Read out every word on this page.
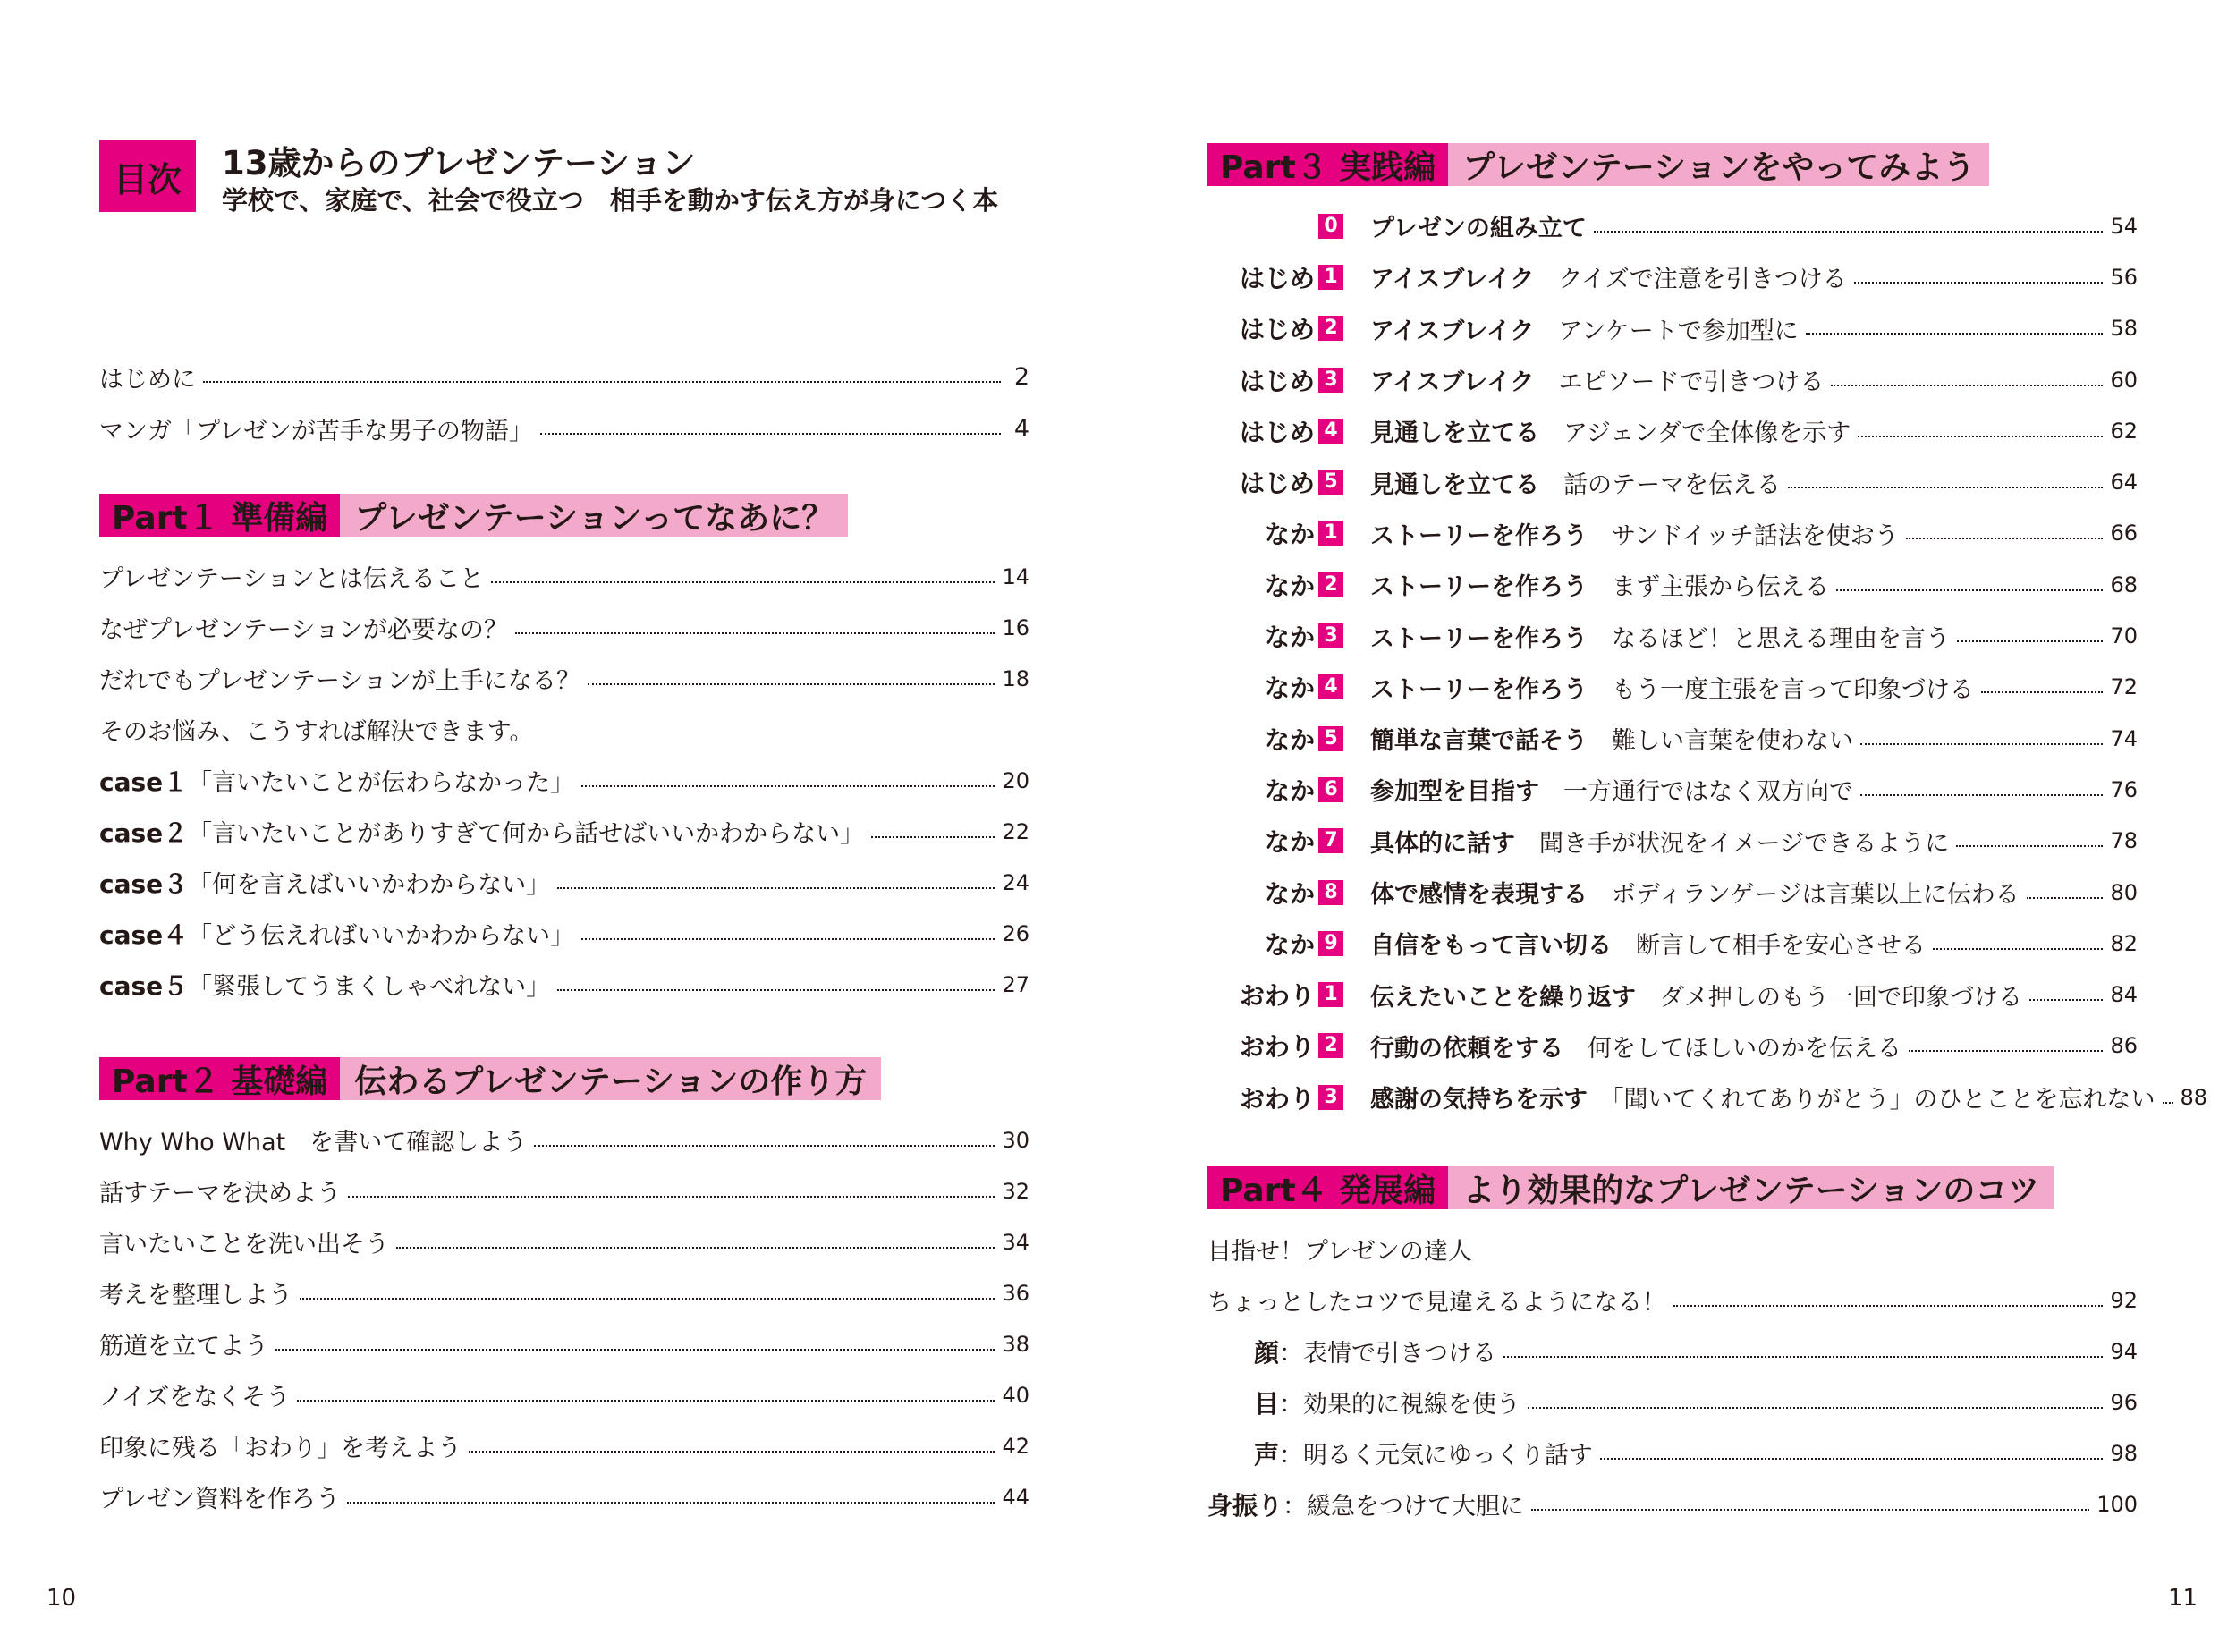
目次	13歳からのプレゼンテーション
学校で、家庭で、社会で役立つ　相手を動かす伝え方が身につく本
はじめに	2
マンガ「プレゼンが苦手な男子の物語」	4
Part１ 準備編 プレゼンテーションってなあに？
プレゼンテーションとは伝えること	14
なぜプレゼンテーションが必要なの？	16
だれでもプレゼンテーションが上手になる？	18
そのお悩み、こうすれば解決できます。
case１「言いたいことが伝わらなかった」	20
case２「言いたいことがありすぎて何から話せばいいかわからない」	22
case３「何を言えばいいかわからない」	24
case４「どう伝えればいいかわからない」	26
case５「緊張してうまくしゃべれない」	27
Part２ 基礎編 伝わるプレゼンテーションの作り方
Why Who What　を書いて確認しよう	30
話すテーマを決めよう	32
言いたいことを洗い出そう	34
考えを整理しよう	36
筋道を立てよう	38
ノイズをなくそう	40
印象に残る「おわり」を考えよう	42
プレゼン資料を作ろう	44
10
Part３ 実践編 プレゼンテーションをやってみよう
0 プレゼンの組み立て	54
はじめ 1 アイスブレイク　 クイズで注意を引きつける	56
はじめ 2 アイスブレイク　 アンケートで参加型に	58
はじめ 3 アイスブレイク　 エピソードで引きつける	60
はじめ 4 見通しを立てる　 アジェンダで全体像を示す	62
はじめ 5 見通しを立てる　 話のテーマを伝える	64
なか 1 ストーリーを作ろう　 サンドイッチ話法を使おう	66
なか 2 ストーリーを作ろう　 まず主張から伝える	68
なか 3 ストーリーを作ろう　 なるほど！と思える理由を言う	70
なか 4 ストーリーを作ろう　 もう一度主張を言って印象づける	72
なか 5 簡単な言葉で話そう　 難しい言葉を使わない	74
なか 6 参加型を目指す　 一方通行ではなく双方向で	76
なか 7 具体的に話す　 聞き手が状況をイメージできるように	78
なか 8 体で感情を表現する　 ボディランゲージは言葉以上に伝わる	80
なか 9 自信をもって言い切る　 断言して相手を安心させる	82
おわり 1 伝えたいことを繰り返す　 ダメ押しのもう一回で印象づける	84
おわり 2 行動の依頼をする　 何をしてほしいのかを伝える	86
おわり 3 感謝の気持ちを示す　 「聞いてくれてありがとう」のひとことを忘れない 88
Part４ 発展編 より効果的なプレゼンテーションのコツ
目指せ！プレゼンの達人
ちょっとしたコツで見違えるようになる！	92
顔：表情で引きつける	94
目：効果的に視線を使う	96
声：明るく元気にゆっくり話す	98
身振り：緩急をつけて大胆に	100
11
